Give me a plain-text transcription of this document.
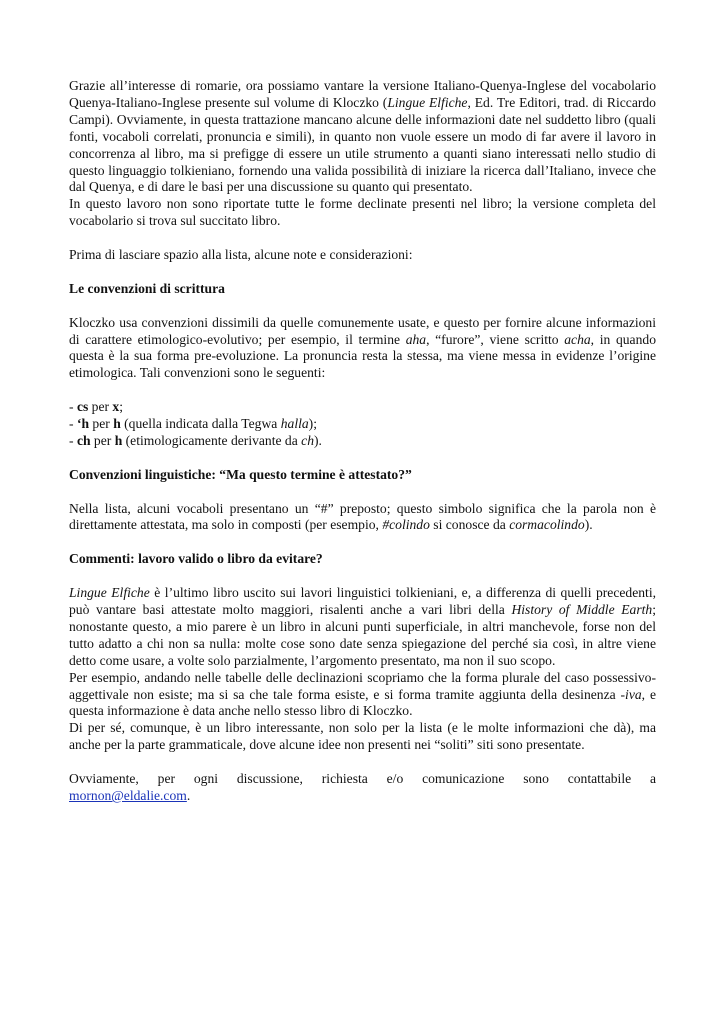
Grazie all’interesse di romarie, ora possiamo vantare la versione Italiano-Quenya-Inglese del vocabolario Quenya-Italiano-Inglese presente sul volume di Kloczko (Lingue Elfiche, Ed. Tre Editori, trad. di Riccardo Campi). Ovviamente, in questa trattazione mancano alcune delle informazioni date nel suddetto libro (quali fonti, vocaboli correlati, pronuncia e simili), in quanto non vuole essere un modo di far avere il lavoro in concorrenza al libro, ma si prefigge di essere un utile strumento a quanti siano interessati nello studio di questo linguaggio tolkieniano, fornendo una valida possibilità di iniziare la ricerca dall’Italiano, invece che dal Quenya, e di dare le basi per una discussione su quanto qui presentato.

In questo lavoro non sono riportate tutte le forme declinate presenti nel libro; la versione completa del vocabolario si trova sul succitato libro.

Prima di lasciare spazio alla lista, alcune note e considerazioni:

Le convenzioni di scrittura

Kloczko usa convenzioni dissimili da quelle comunemente usate, e questo per fornire alcune informazioni di carattere etimologico-evolutivo; per esempio, il termine aha, “furore”, viene scritto acha, in quando questa è la sua forma pre-evoluzione. La pronuncia resta la stessa, ma viene messa in evidenze l’origine etimologica. Tali convenzioni sono le seguenti:

- cs per x;

- ‘h per h (quella indicata dalla Tegwa halla);

- ch per h (etimologicamente derivante da ch).

Convenzioni linguistiche: “Ma questo termine è attestato?”

Nella lista, alcuni vocaboli presentano un “#” preposto; questo simbolo significa che la parola non è direttamente attestata, ma solo in composti (per esempio, #colindo si conosce da cormacolindo).

Commenti: lavoro valido o libro da evitare?

Lingue Elfiche è l’ultimo libro uscito sui lavori linguistici tolkieniani, e, a differenza di quelli precedenti, può vantare basi attestate molto maggiori, risalenti anche a vari libri della History of Middle Earth; nonostante questo, a mio parere è un libro in alcuni punti superficiale, in altri manchevole, forse non del tutto adatto a chi non sa nulla: molte cose sono date senza spiegazione del perché sia così, in altre viene detto come usare, a volte solo parzialmente, l’argomento presentato, ma non il suo scopo.

Per esempio, andando nelle tabelle delle declinazioni scopriamo che la forma plurale del caso possessivo-aggettivale non esiste; ma si sa che tale forma esiste, e si forma tramite aggiunta della desinenza -iva, e questa informazione è data anche nello stesso libro di Kloczko.

Di per sé, comunque, è un libro interessante, non solo per la lista (e le molte informazioni che dà), ma anche per la parte grammaticale, dove alcune idee non presenti nei “soliti” siti sono presentate.

Ovviamente, per ogni discussione, richiesta e/o comunicazione sono contattabile a

mornon@eldalie.com.
